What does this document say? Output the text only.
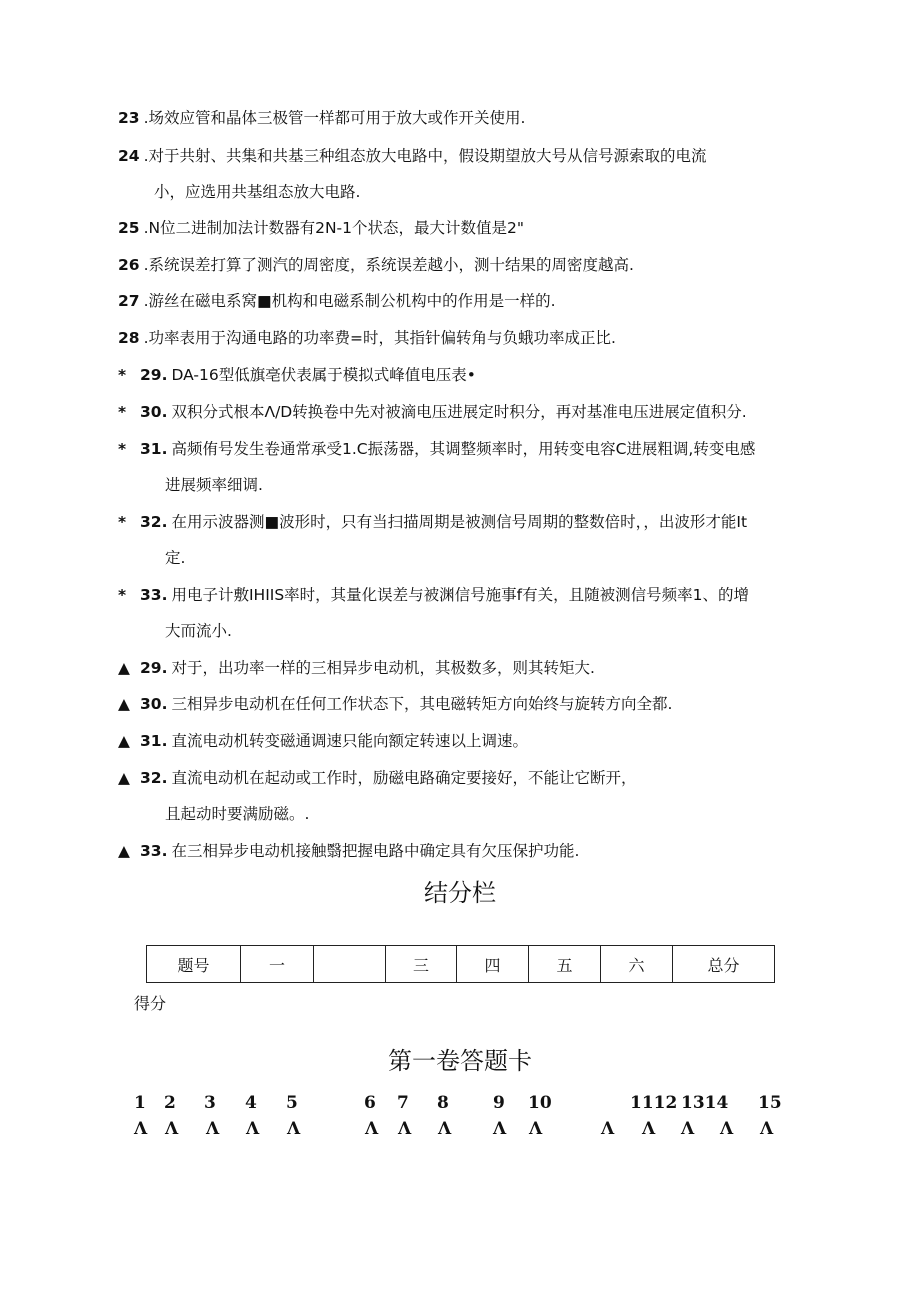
23 .场效应管和晶体三极管一样都可用于放大或作开关使用.
24 .对于共射、共集和共基三种组态放大电路中，假设期望放大号从信号源索取的电流
小，应选用共基组态放大电路.
25 .N位二进制加法计数器有2N-1个状态，最大计数值是2"
26 .系统误差打算了测汽的周密度，系统误差越小，测十结果的周密度越高.
27 .游丝在磁电系窝■机构和电磁系制公机构中的作用是一样的.
28 .功率表用于沟通电路的功率费=时，其指针偏转角与负蛾功率成正比.
* 29. DA-16型低旗亳伏表属于模拟式峰值电压表•
* 30. 双积分式根本Λ/D转换卷中先对被滴电压进展定时积分，再对基准电压进展定值积分.
* 31. 高频侑号发生卷通常承受1.C振荡器，其调整频率时，用转变电容C进展粗调,转变电感
进展频率细调.
* 32. 在用示波器测■波形时，只有当扫描周期是被测信号周期的整数倍时，，出波形才能It
定.
* 33. 用电子计敷IHIIS率时，其量化误差与被渊信号施事f有关，且随被测信号频率1、的增
大而流小.
▲ 29. 对于，出功率一样的三相异步电动机，其极数多，则其转矩大.
▲ 30. 三相异步电动机在任何工作状态下，其电磁转矩方向始终与旋转方向全都.
▲ 31. 直流电动机转变磁通调速只能向额定转速以上调速。
▲ 32. 直流电动机在起动或工作时，励磁电路确定要接好，不能让它断开，
且起动时要满励磁。.
▲ 33. 在三相异步电动机接触翳把握电路中确定具有欠压保护功能.
结分栏
题号	一		三	四	五	六	总分
得分
第一卷答题卡
1 2 3 4 5	6 7 8	9 10	1112 1314 15
Λ Λ Λ Λ Λ	Λ Λ Λ Λ Λ	Λ Λ Λ Λ Λ
